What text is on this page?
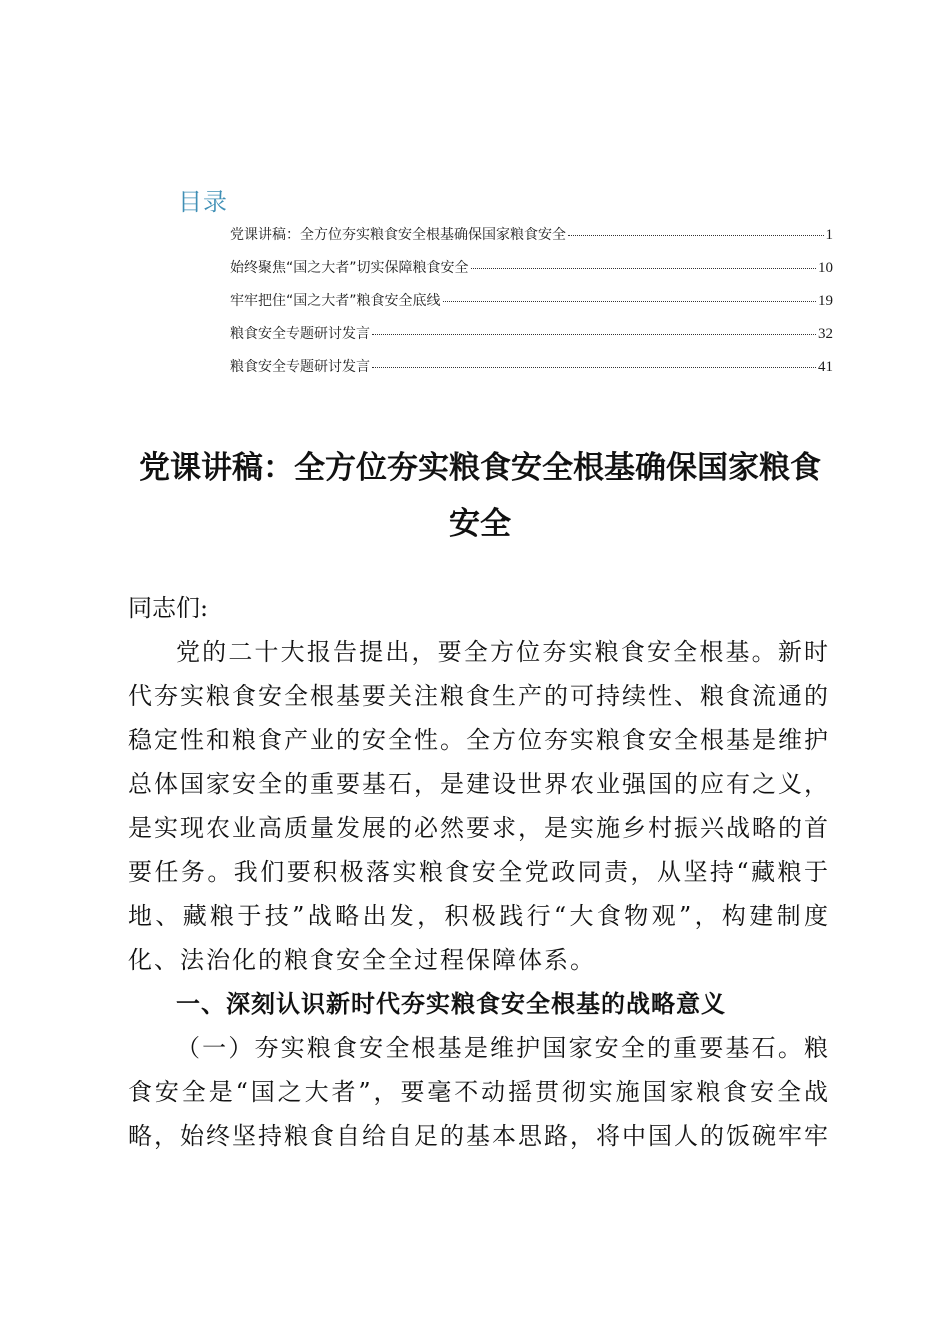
目录
党课讲稿：全方位夯实粮食安全根基确保国家粮食安全	1
始终聚焦“国之大者”切实保障粮食安全	10
牢牢把住“国之大者”粮食安全底线	19
粮食安全专题研讨发言	32
粮食安全专题研讨发言	41
党课讲稿：全方位夯实粮食安全根基确保国家粮食
安全

同志们:

党的二十大报告提出，要全方位夯实粮食安全根基。新时代夯实粮食安全根基要关注粮食生产的可持续性、粮食流通的稳定性和粮食产业的安全性。全方位夯实粮食安全根基是维护总体国家安全的重要基石，是建设世界农业强国的应有之义，是实现农业高质量发展的必然要求，是实施乡村振兴战略的首要任务。我们要积极落实粮食安全党政同责，从坚持“藏粮于地、藏粮于技”战略出发，积极践行“大食物观”，构建制度化、法治化的粮食安全全过程保障体系。

一、深刻认识新时代夯实粮食安全根基的战略意义

（一）夯实粮食安全根基是维护国家安全的重要基石。粮食安全是“国之大者”，要毫不动摇贯彻实施国家粮食安全战略，始终坚持粮食自给自足的基本思路，将中国人的饭碗牢牢
